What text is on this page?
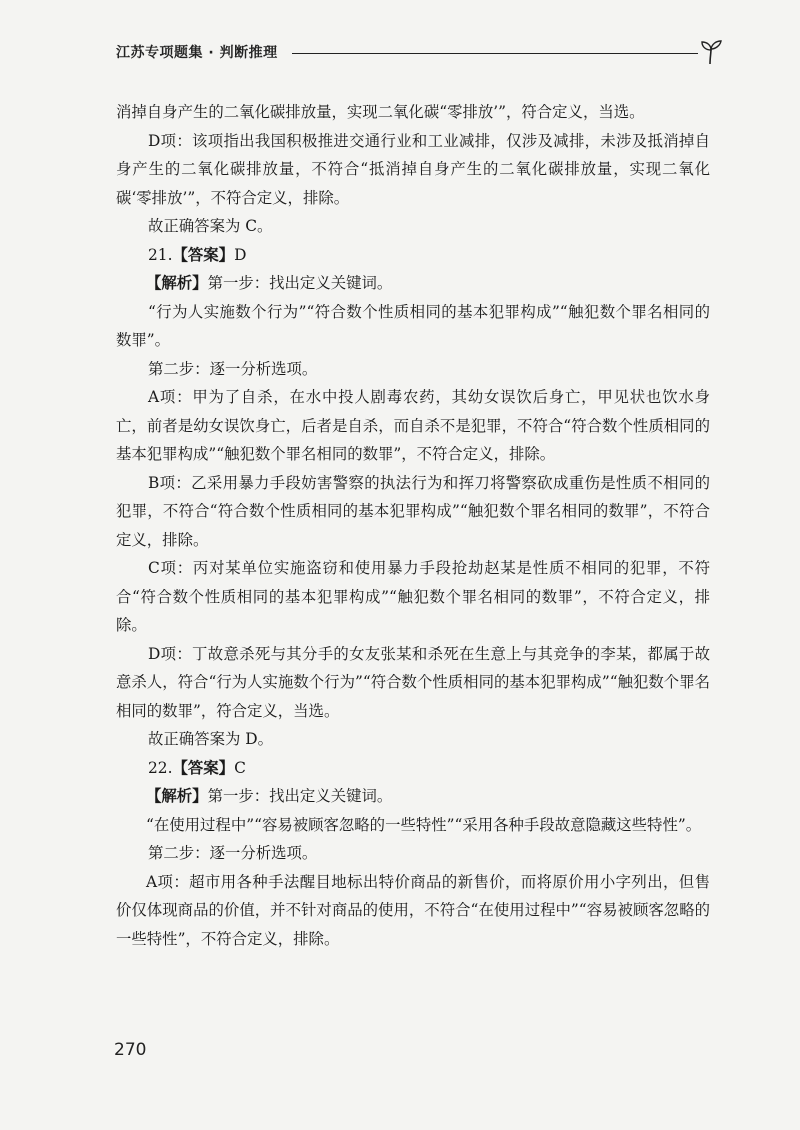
江苏专项题集 · 判断推理

消掉自身产生的二氧化碳排放量，实现二氧化碳“零排放’”，符合定义，当选。

D项：该项指出我国积极推进交通行业和工业减排，仅涉及减排，未涉及抵消掉自身产生的二氧化碳排放量，不符合“抵消掉自身产生的二氧化碳排放量，实现二氧化碳‘零排放’”，不符合定义，排除。

故正确答案为 C。

21.【答案】D

【解析】第一步：找出定义关键词。

“行为人实施数个行为”“符合数个性质相同的基本犯罪构成”“触犯数个罪名相同的数罪”。

第二步：逐一分析选项。

A项：甲为了自杀，在水中投人剧毒农药，其幼女误饮后身亡，甲见状也饮水身亡，前者是幼女误饮身亡，后者是自杀，而自杀不是犯罪，不符合“符合数个性质相同的基本犯罪构成”“触犯数个罪名相同的数罪”，不符合定义，排除。

B项：乙采用暴力手段妨害警察的执法行为和挥刀将警察砍成重伤是性质不相同的犯罪，不符合“符合数个性质相同的基本犯罪构成”“触犯数个罪名相同的数罪”，不符合定义，排除。

C项：丙对某单位实施盗窃和使用暴力手段抢劫赵某是性质不相同的犯罪，不符合“符合数个性质相同的基本犯罪构成”“触犯数个罪名相同的数罪”，不符合定义，排除。

D项：丁故意杀死与其分手的女友张某和杀死在生意上与其竞争的李某，都属于故意杀人，符合“行为人实施数个行为”“符合数个性质相同的基本犯罪构成”“触犯数个罪名相同的数罪”，符合定义，当选。

故正确答案为 D。

22.【答案】C

【解析】第一步：找出定义关键词。

“在使用过程中”“容易被顾客忽略的一些特性”“采用各种手段故意隐藏这些特性”。

第二步：逐一分析选项。

A项：超市用各种手法醒目地标出特价商品的新售价，而将原价用小字列出，但售价仅体现商品的价值，并不针对商品的使用，不符合“在使用过程中”“容易被顾客忽略的一些特性”，不符合定义，排除。

270
